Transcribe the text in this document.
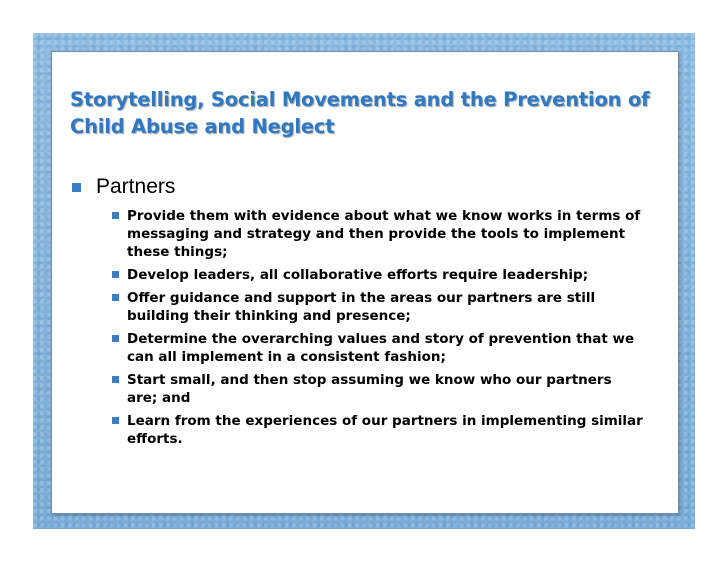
Storytelling, Social Movements and the Prevention of
Child Abuse and Neglect
Partners
Provide them with evidence about what we know works in terms of
messaging and strategy and then provide the tools to implement
these things;
Develop leaders, all collaborative efforts require leadership;
Offer guidance and support in the areas our partners are still
building their thinking and presence;
Determine the overarching values and story of prevention that we
can all implement in a consistent fashion;
Start small, and then stop assuming we know who our partners
are; and
Learn from the experiences of our partners in implementing similar
efforts.
